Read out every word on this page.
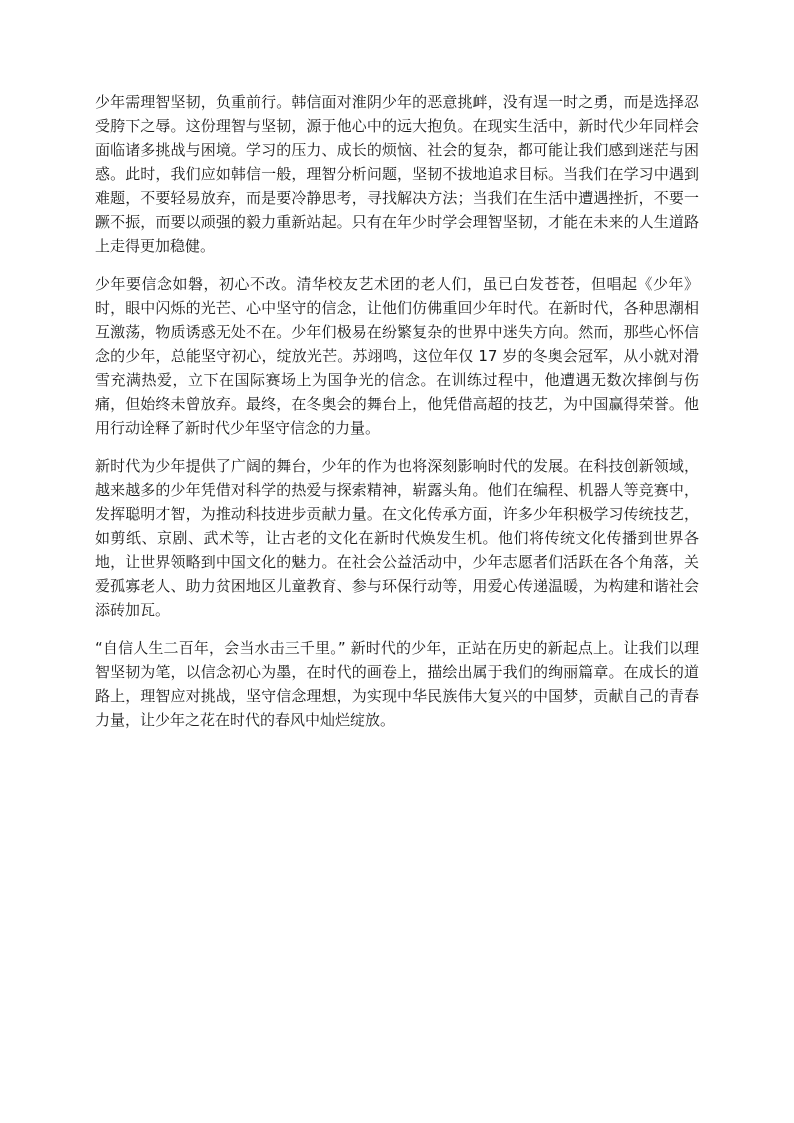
少年需理智坚韧，负重前行。韩信面对淮阴少年的恶意挑衅，没有逞一时之勇，而是选择忍受胯下之辱。这份理智与坚韧，源于他心中的远大抱负。在现实生活中，新时代少年同样会面临诸多挑战与困境。学习的压力、成长的烦恼、社会的复杂，都可能让我们感到迷茫与困惑。此时，我们应如韩信一般，理智分析问题，坚韧不拔地追求目标。当我们在学习中遇到难题，不要轻易放弃，而是要冷静思考，寻找解决方法；当我们在生活中遭遇挫折，不要一蹶不振，而要以顽强的毅力重新站起。只有在年少时学会理智坚韧，才能在未来的人生道路上走得更加稳健。

少年要信念如磐，初心不改。清华校友艺术团的老人们，虽已白发苍苍，但唱起《少年》时，眼中闪烁的光芒、心中坚守的信念，让他们仿佛重回少年时代。在新时代，各种思潮相互激荡，物质诱惑无处不在。少年们极易在纷繁复杂的世界中迷失方向。然而，那些心怀信念的少年，总能坚守初心，绽放光芒。苏翊鸣，这位年仅 17 岁的冬奥会冠军，从小就对滑雪充满热爱，立下在国际赛场上为国争光的信念。在训练过程中，他遭遇无数次摔倒与伤痛，但始终未曾放弃。最终，在冬奥会的舞台上，他凭借高超的技艺，为中国赢得荣誉。他用行动诠释了新时代少年坚守信念的力量。

新时代为少年提供了广阔的舞台，少年的作为也将深刻影响时代的发展。在科技创新领域，越来越多的少年凭借对科学的热爱与探索精神，崭露头角。他们在编程、机器人等竞赛中，发挥聪明才智，为推动科技进步贡献力量。在文化传承方面，许多少年积极学习传统技艺，如剪纸、京剧、武术等，让古老的文化在新时代焕发生机。他们将传统文化传播到世界各地，让世界领略到中国文化的魅力。在社会公益活动中，少年志愿者们活跃在各个角落，关爱孤寡老人、助力贫困地区儿童教育、参与环保行动等，用爱心传递温暖，为构建和谐社会添砖加瓦。

“自信人生二百年，会当水击三千里。” 新时代的少年，正站在历史的新起点上。让我们以理智坚韧为笔，以信念初心为墨，在时代的画卷上，描绘出属于我们的绚丽篇章。在成长的道路上，理智应对挑战，坚守信念理想，为实现中华民族伟大复兴的中国梦，贡献自己的青春力量，让少年之花在时代的春风中灿烂绽放。
